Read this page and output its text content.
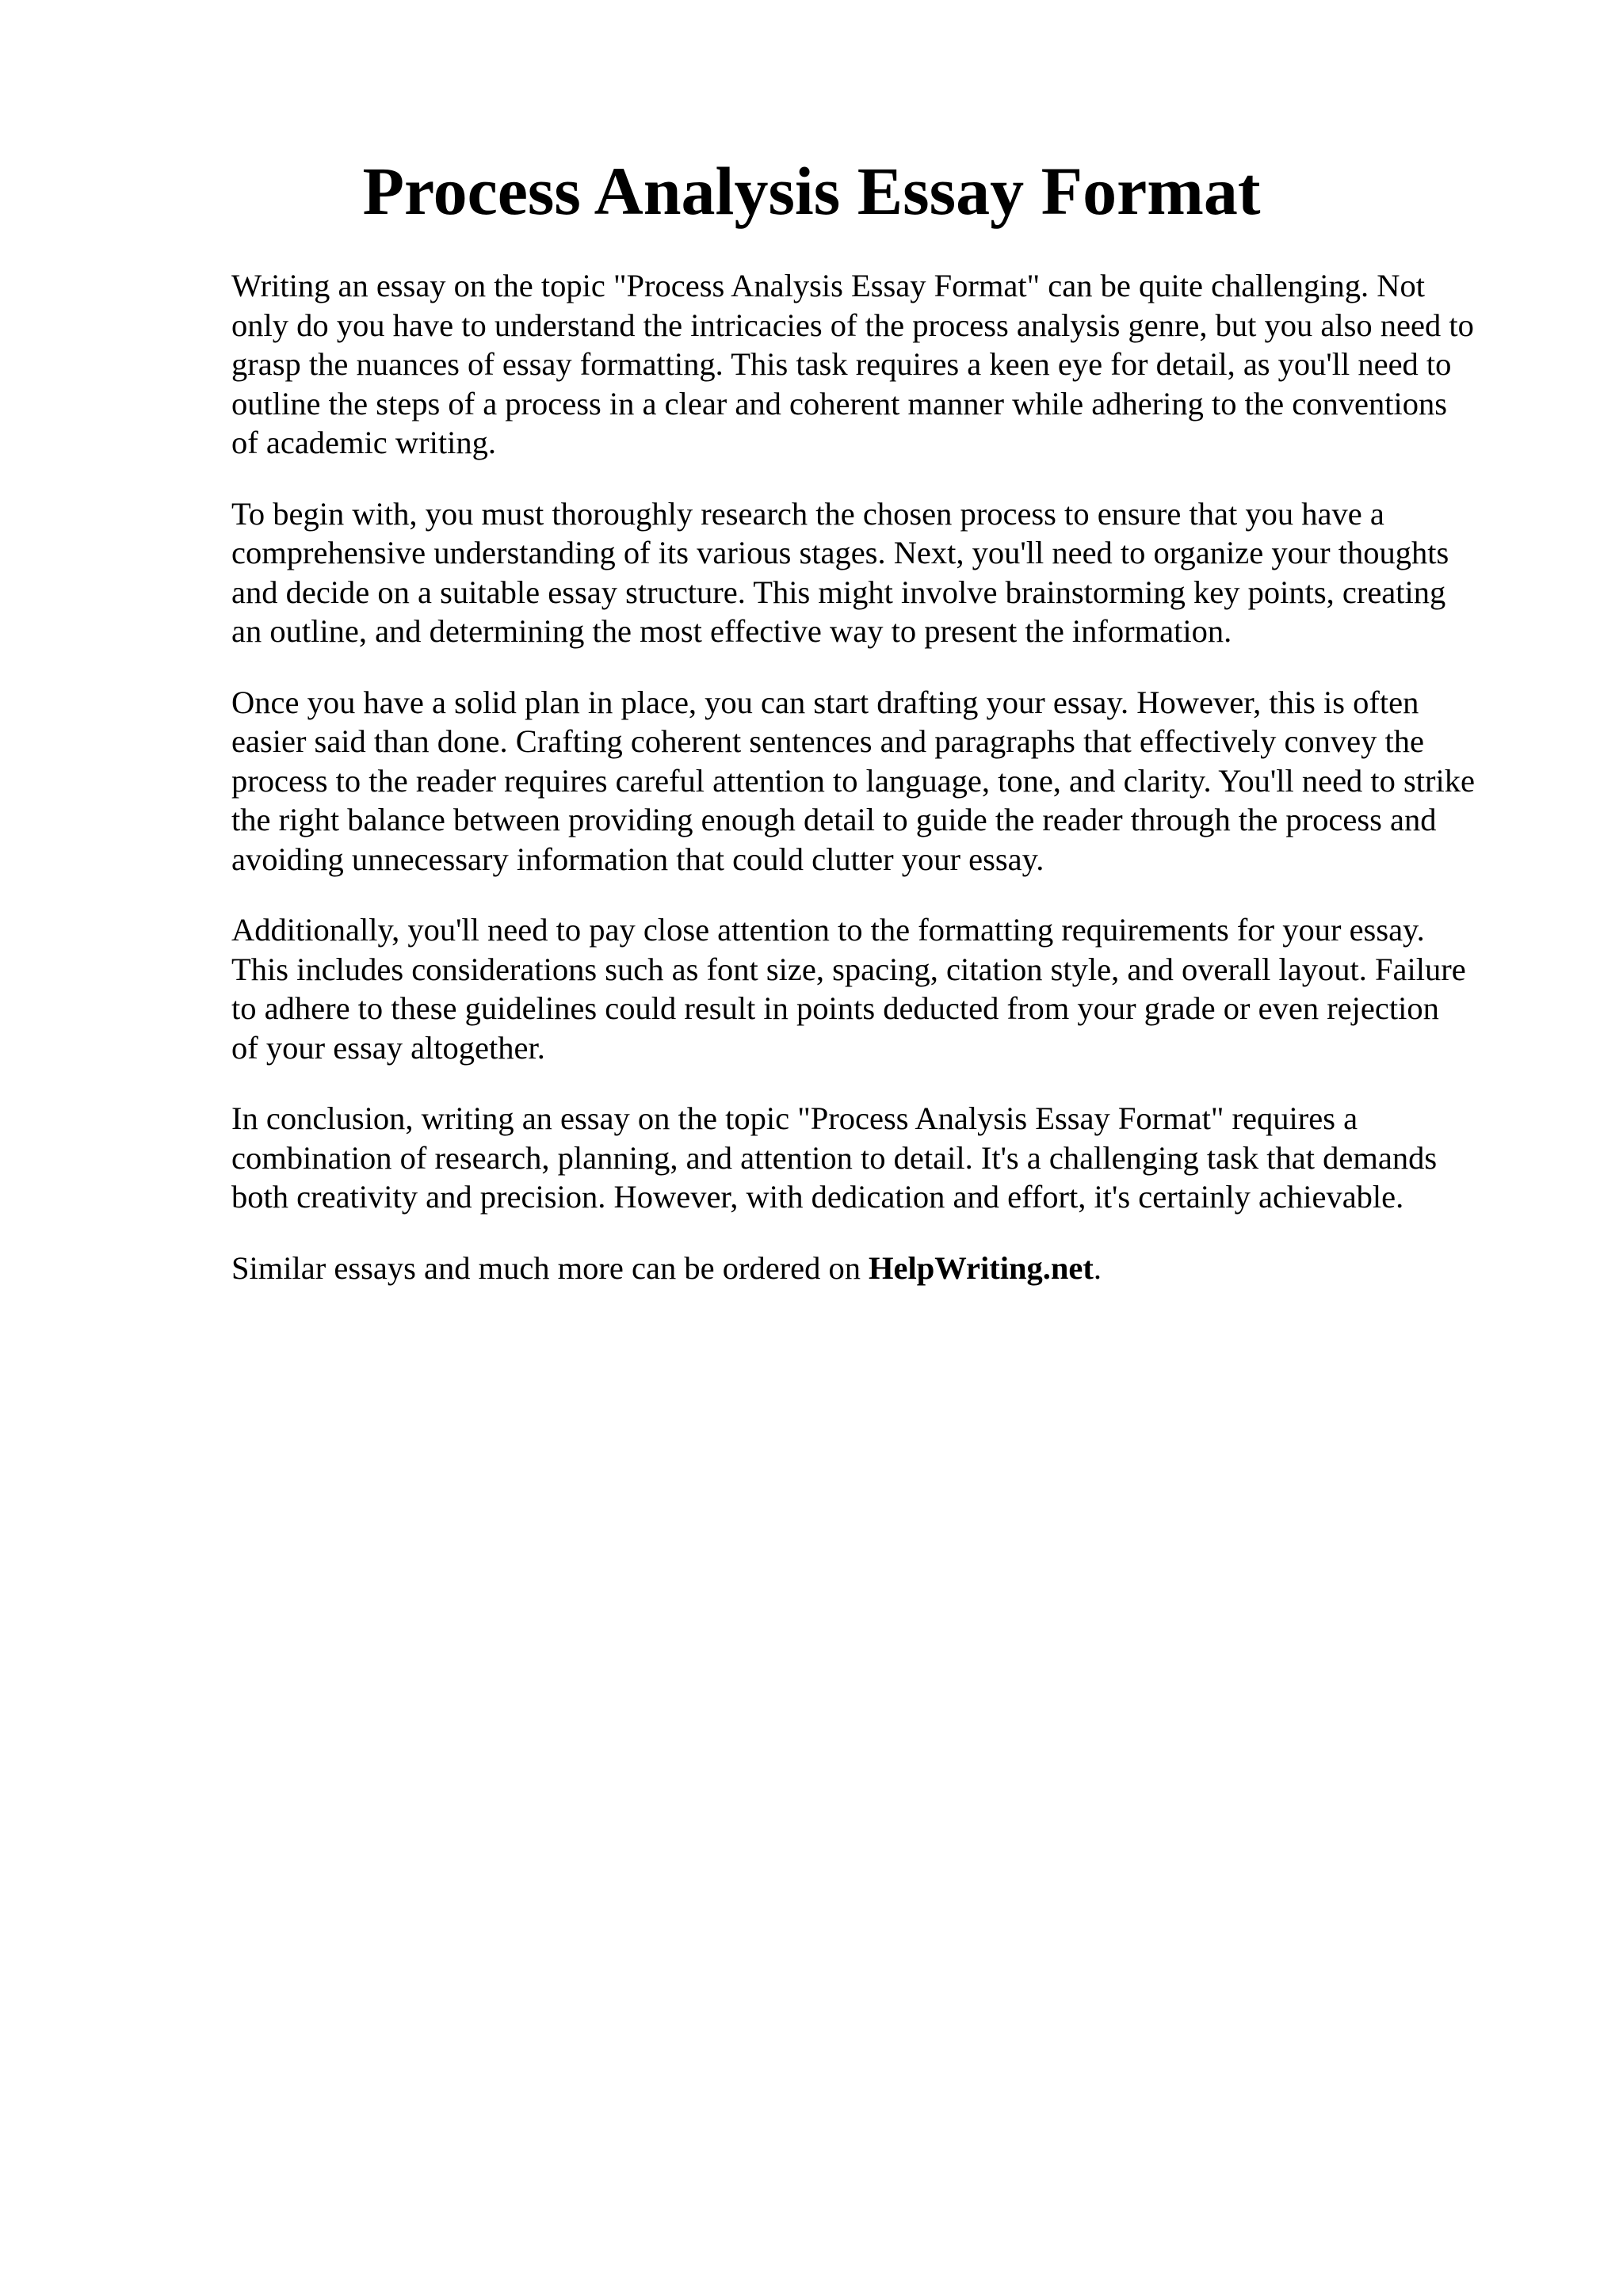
Process Analysis Essay Format

Writing an essay on the topic "Process Analysis Essay Format" can be quite challenging. Not
only do you have to understand the intricacies of the process analysis genre, but you also need to
grasp the nuances of essay formatting. This task requires a keen eye for detail, as you'll need to
outline the steps of a process in a clear and coherent manner while adhering to the conventions
of academic writing.

To begin with, you must thoroughly research the chosen process to ensure that you have a
comprehensive understanding of its various stages. Next, you'll need to organize your thoughts
and decide on a suitable essay structure. This might involve brainstorming key points, creating
an outline, and determining the most effective way to present the information.

Once you have a solid plan in place, you can start drafting your essay. However, this is often
easier said than done. Crafting coherent sentences and paragraphs that effectively convey the
process to the reader requires careful attention to language, tone, and clarity. You'll need to strike
the right balance between providing enough detail to guide the reader through the process and
avoiding unnecessary information that could clutter your essay.

Additionally, you'll need to pay close attention to the formatting requirements for your essay.
This includes considerations such as font size, spacing, citation style, and overall layout. Failure
to adhere to these guidelines could result in points deducted from your grade or even rejection
of your essay altogether.

In conclusion, writing an essay on the topic "Process Analysis Essay Format" requires a
combination of research, planning, and attention to detail. It's a challenging task that demands
both creativity and precision. However, with dedication and effort, it's certainly achievable.

Similar essays and much more can be ordered on HelpWriting.net.
